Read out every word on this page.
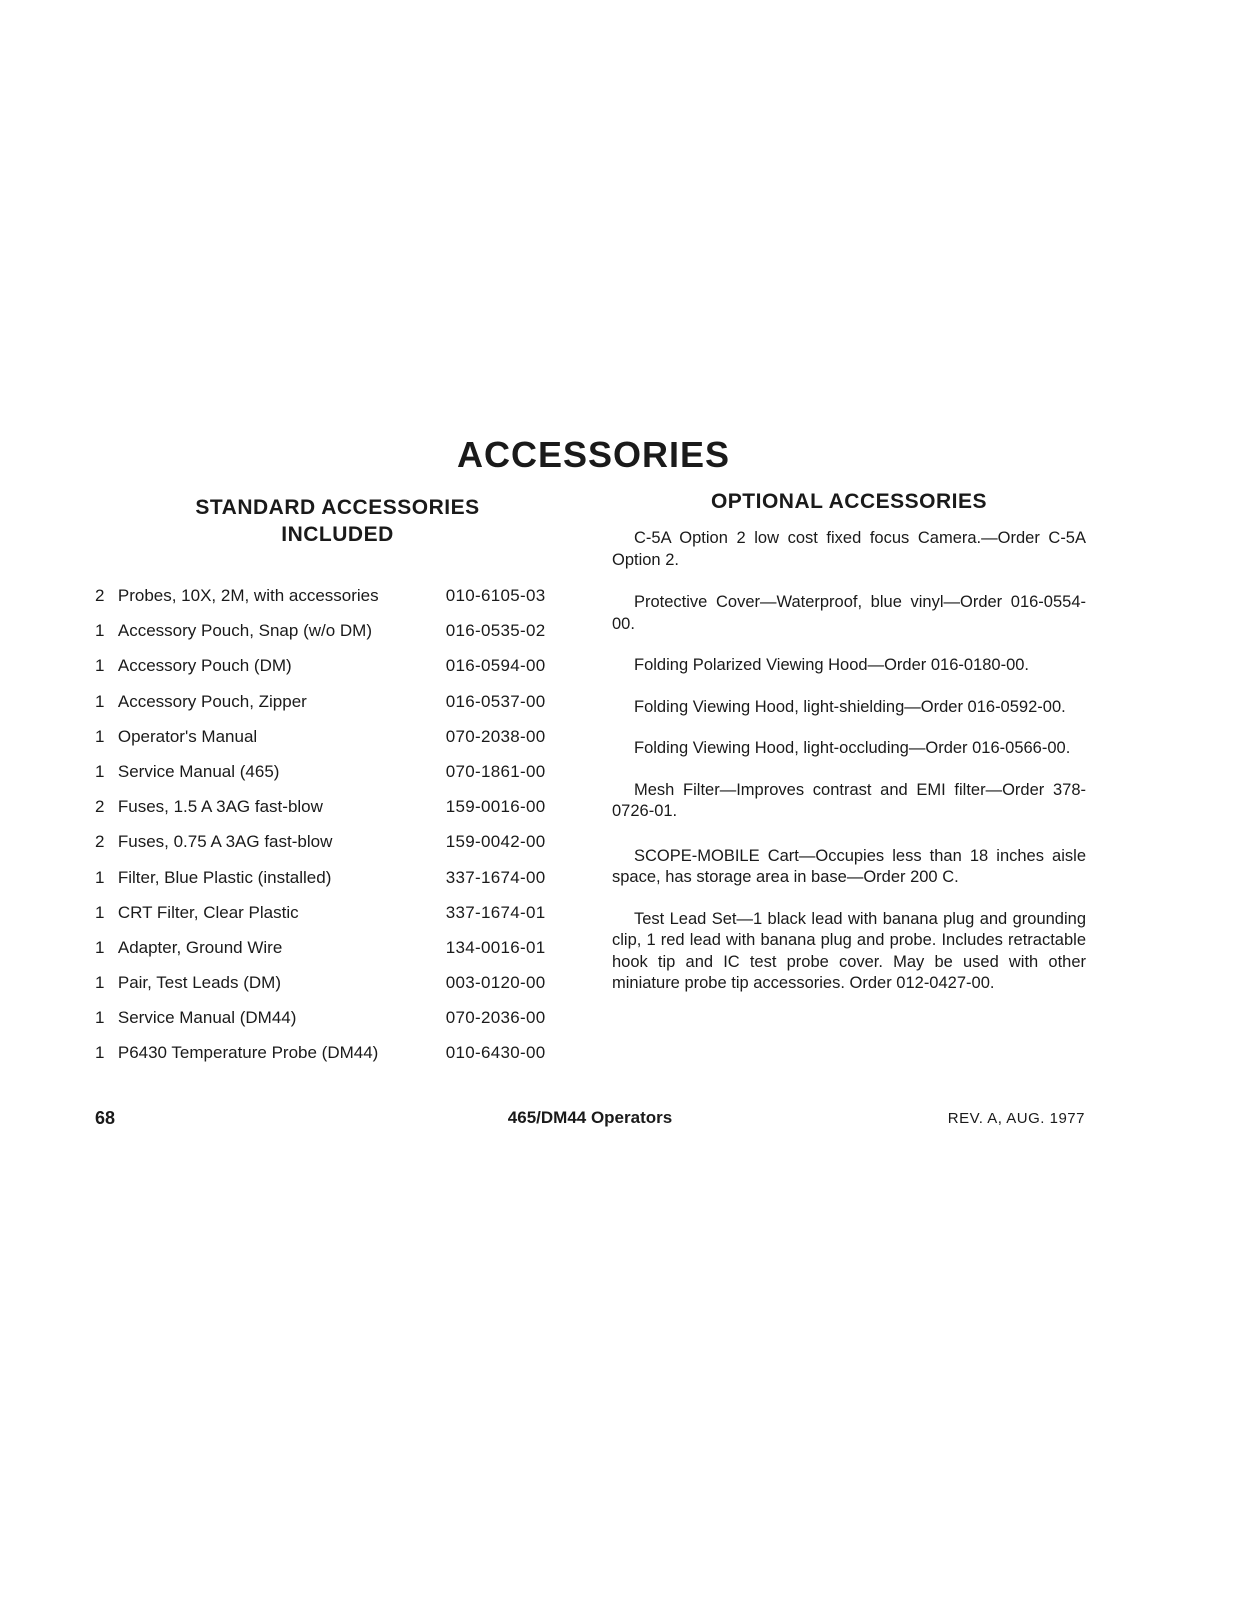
ACCESSORIES
STANDARD ACCESSORIES
INCLUDED
OPTIONAL ACCESSORIES
2 Probes, 10X, 2M, with accessories	010-6105-03
1 Accessory Pouch, Snap (w/o DM)	016-0535-02
1 Accessory Pouch (DM)	016-0594-00
1 Accessory Pouch, Zipper	016-0537-00
1 Operator's Manual	070-2038-00
1 Service Manual (465)	070-1861-00
2 Fuses, 1.5 A 3AG fast-blow	159-0016-00
2 Fuses, 0.75 A 3AG fast-blow	159-0042-00
1 Filter, Blue Plastic (installed)	337-1674-00
1 CRT Filter, Clear Plastic	337-1674-01
1 Adapter, Ground Wire	134-0016-01
1 Pair, Test Leads (DM)	003-0120-00
1 Service Manual (DM44)	070-2036-00
1 P6430 Temperature Probe (DM44)	010-6430-00

C-5A Option 2 low cost fixed focus Camera.—Order C-5A Option 2.

Protective Cover—Waterproof, blue vinyl—Order 016-0554-00.

Folding Polarized Viewing Hood—Order 016-0180-00.

Folding Viewing Hood, light-shielding—Order 016-0592-00.

Folding Viewing Hood, light-occluding—Order 016-0566-00.

Mesh Filter—Improves contrast and EMI filter—Order 378-0726-01.

SCOPE-MOBILE Cart—Occupies less than 18 inches aisle space, has storage area in base—Order 200 C.

Test Lead Set—1 black lead with banana plug and grounding clip, 1 red lead with banana plug and probe. Includes retractable hook tip and IC test probe cover. May be used with other miniature probe tip accessories. Order 012-0427-00.

68	465/DM44 Operators	REV. A, AUG. 1977
